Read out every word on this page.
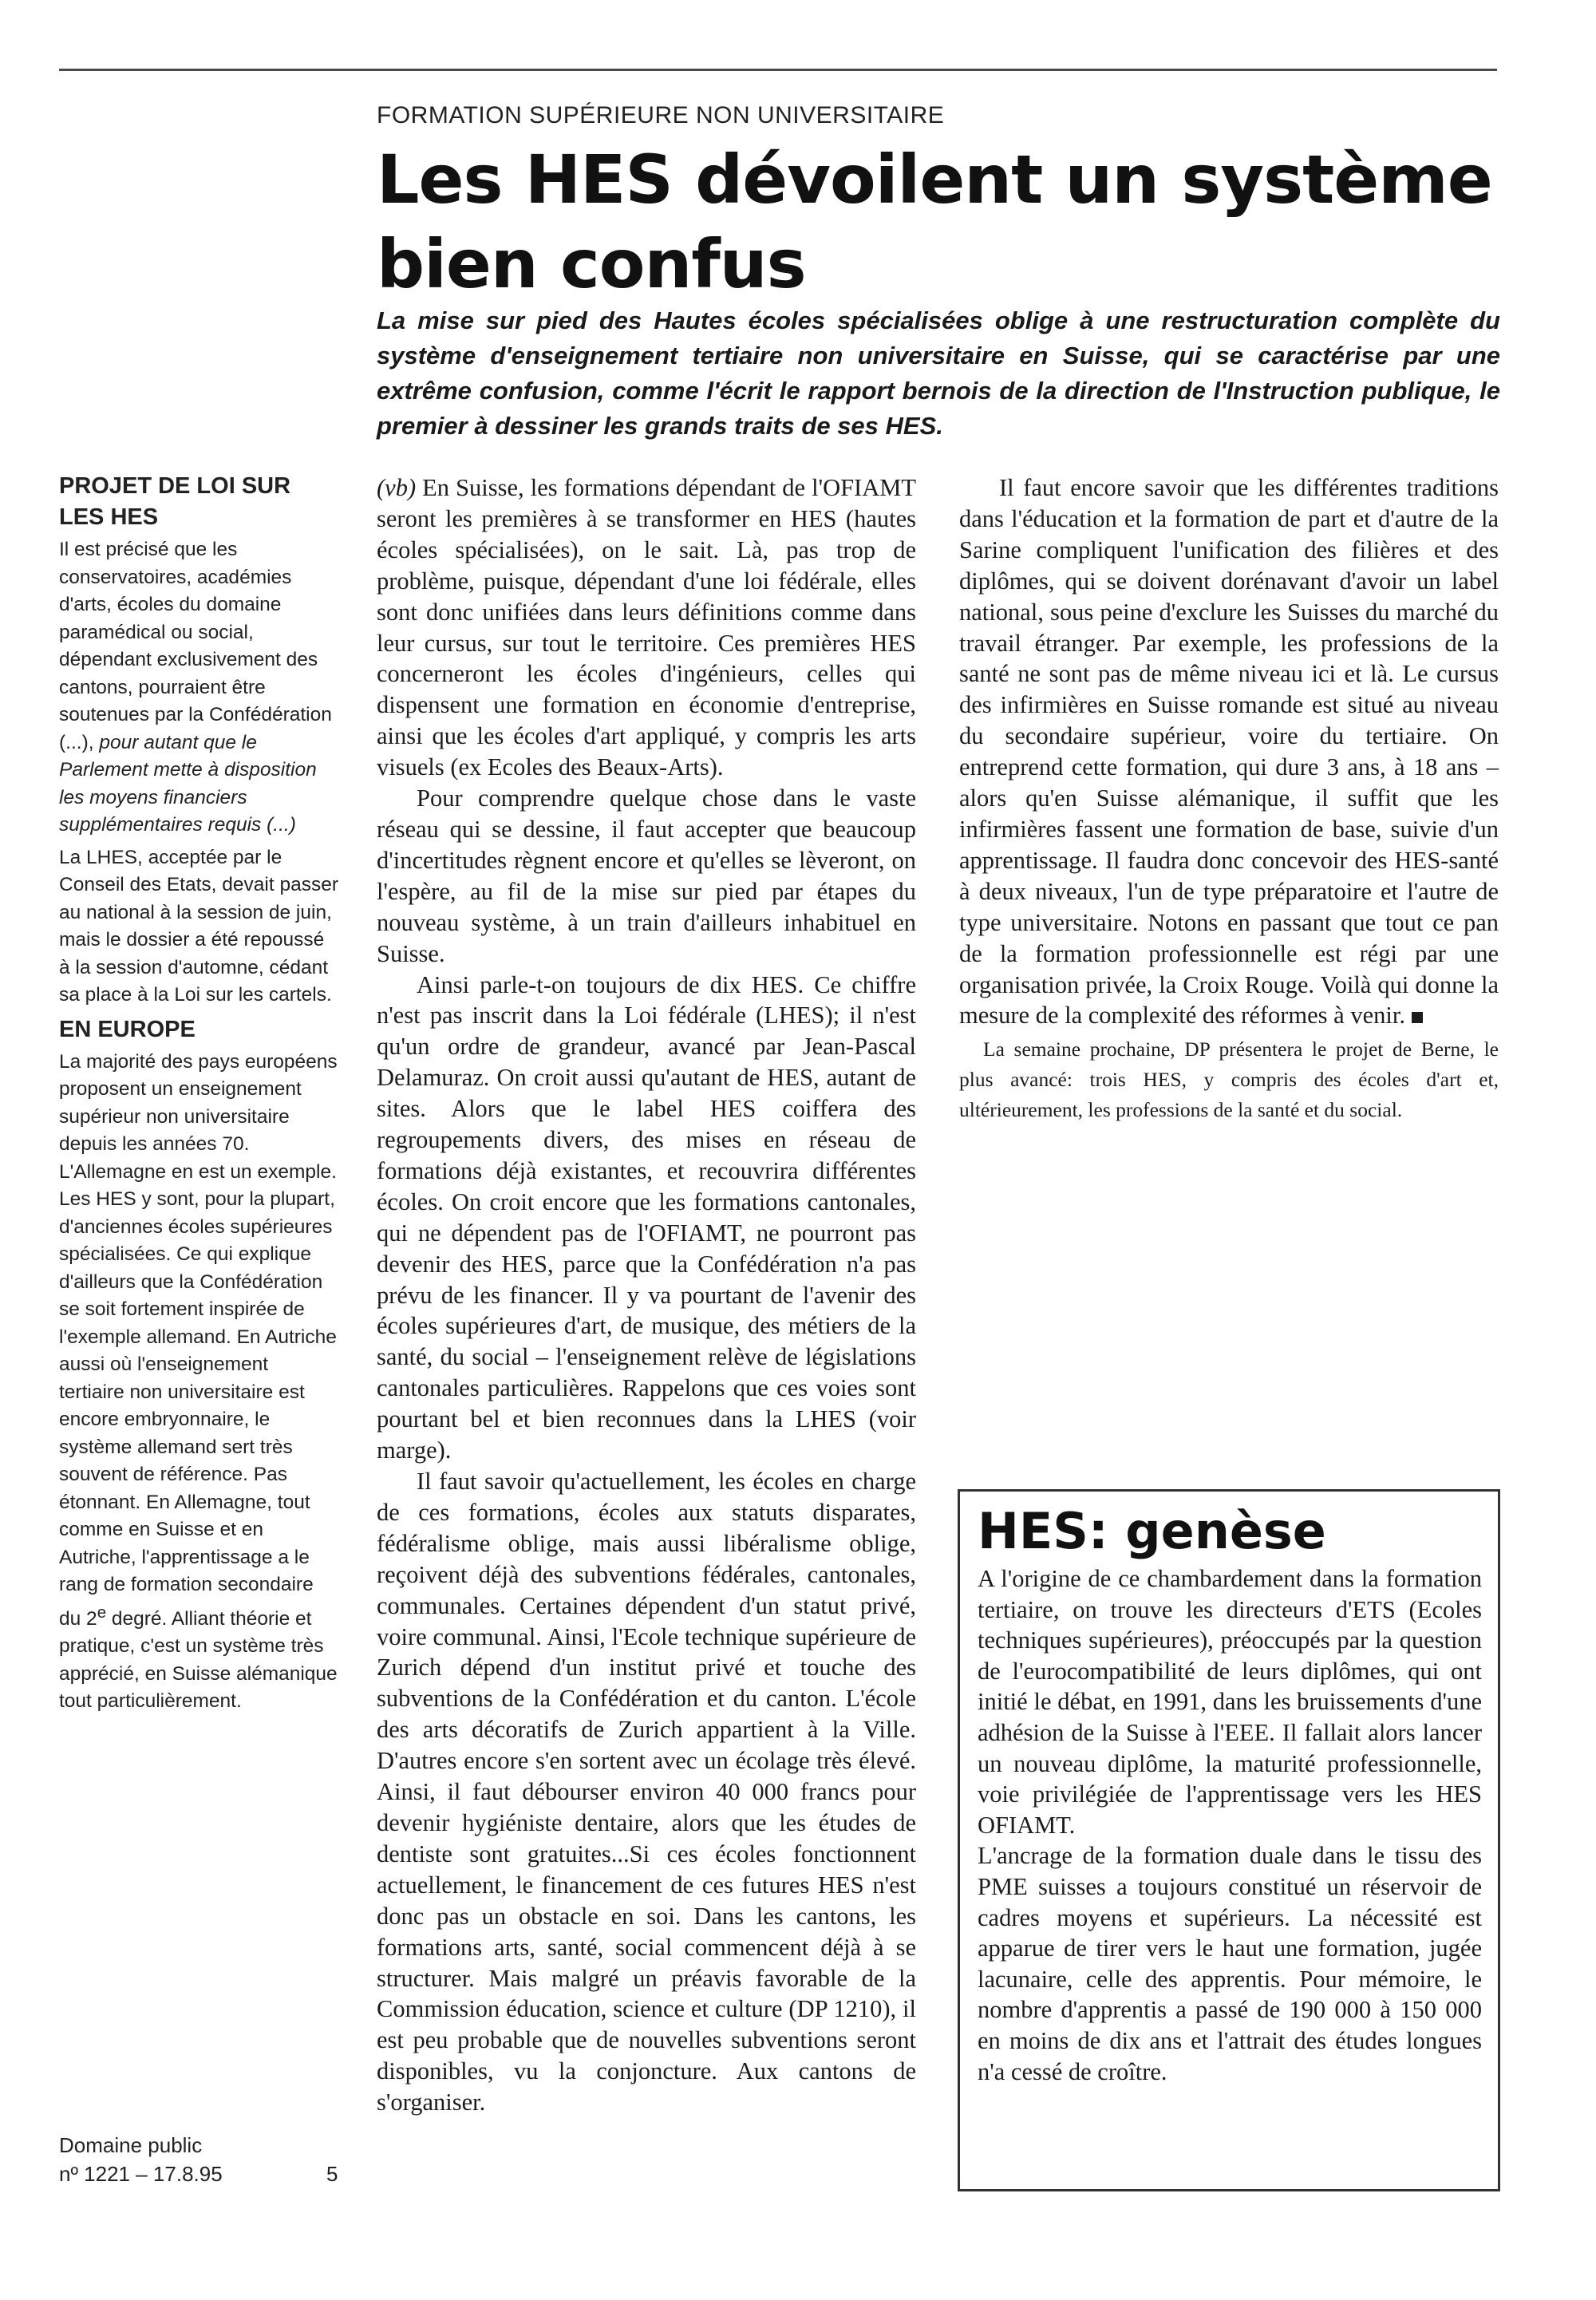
FORMATION SUPÉRIEURE NON UNIVERSITAIRE
Les HES dévoilent un système
bien confus

La mise sur pied des Hautes écoles spécialisées oblige à une restructuration complète du système d'enseignement tertiaire non universitaire en Suisse, qui se caractérise par une extrême confusion, comme l'écrit le rapport bernois de la direction de l'Instruction publique, le premier à dessiner les grands traits de ses HES.

PROJET DE LOI SUR LES HES

Il est précisé que les conservatoires, académies d'arts, écoles du domaine paramédical ou social, dépendant exclusivement des cantons, pourraient être soutenues par la Confédération (...), pour autant que le Parlement mette à disposition les moyens financiers supplémentaires requis (...)

La LHES, acceptée par le Conseil des Etats, devait passer au national à la session de juin, mais le dossier a été repoussé à la session d'automne, cédant sa place à la Loi sur les cartels.

EN EUROPE

La majorité des pays européens proposent un enseignement supérieur non universitaire depuis les années 70. L'Allemagne en est un exemple. Les HES y sont, pour la plupart, d'anciennes écoles supérieures spécialisées. Ce qui explique d'ailleurs que la Confédération se soit fortement inspirée de l'exemple allemand. En Autriche aussi où l'enseignement tertiaire non universitaire est encore embryonnaire, le système allemand sert très souvent de référence. Pas étonnant. En Allemagne, tout comme en Suisse et en Autriche, l'apprentissage a le rang de formation secondaire du 2e degré. Alliant théorie et pratique, c'est un système très apprécié, en Suisse alémanique tout particulièrement.

Domaine public
nº 1221 – 17.8.95	5

(vb) En Suisse, les formations dépendant de l'OFIAMT seront les premières à se transformer en HES (hautes écoles spécialisées), on le sait. Là, pas trop de problème, puisque, dépendant d'une loi fédérale, elles sont donc unifiées dans leurs définitions comme dans leur cursus, sur tout le territoire. Ces premières HES concerneront les écoles d'ingénieurs, celles qui dispensent une formation en économie d'entreprise, ainsi que les écoles d'art appliqué, y compris les arts visuels (ex Ecoles des Beaux-Arts).

Pour comprendre quelque chose dans le vaste réseau qui se dessine, il faut accepter que beaucoup d'incertitudes règnent encore et qu'elles se lèveront, on l'espère, au fil de la mise sur pied par étapes du nouveau système, à un train d'ailleurs inhabituel en Suisse.

Ainsi parle-t-on toujours de dix HES. Ce chiffre n'est pas inscrit dans la Loi fédérale (LHES); il n'est qu'un ordre de grandeur, avancé par Jean-Pascal Delamuraz. On croit aussi qu'autant de HES, autant de sites. Alors que le label HES coiffera des regroupements divers, des mises en réseau de formations déjà existantes, et recouvrira différentes écoles. On croit encore que les formations cantonales, qui ne dépendent pas de l'OFIAMT, ne pourront pas devenir des HES, parce que la Confédération n'a pas prévu de les financer. Il y va pourtant de l'avenir des écoles supérieures d'art, de musique, des métiers de la santé, du social – l'enseignement relève de législations cantonales particulières. Rappelons que ces voies sont pourtant bel et bien reconnues dans la LHES (voir marge).

Il faut savoir qu'actuellement, les écoles en charge de ces formations, écoles aux statuts disparates, fédéralisme oblige, mais aussi libéralisme oblige, reçoivent déjà des subventions fédérales, cantonales, communales. Certaines dépendent d'un statut privé, voire communal. Ainsi, l'Ecole technique supérieure de Zurich dépend d'un institut privé et touche des subventions de la Confédération et du canton. L'école des arts décoratifs de Zurich appartient à la Ville. D'autres encore s'en sortent avec un écolage très élevé. Ainsi, il faut débourser environ 40 000 francs pour devenir hygiéniste dentaire, alors que les études de dentiste sont gratuites...Si ces écoles fonctionnent actuellement, le financement de ces futures HES n'est donc pas un obstacle en soi. Dans les cantons, les formations arts, santé, social commencent déjà à se structurer. Mais malgré un préavis favorable de la Commission éducation, science et culture (DP 1210), il est peu probable que de nouvelles subventions seront disponibles, vu la conjoncture. Aux cantons de s'organiser.

Il faut encore savoir que les différentes traditions dans l'éducation et la formation de part et d'autre de la Sarine compliquent l'unification des filières et des diplômes, qui se doivent dorénavant d'avoir un label national, sous peine d'exclure les Suisses du marché du travail étranger. Par exemple, les professions de la santé ne sont pas de même niveau ici et là. Le cursus des infirmières en Suisse romande est situé au niveau du secondaire supérieur, voire du tertiaire. On entreprend cette formation, qui dure 3 ans, à 18 ans – alors qu'en Suisse alémanique, il suffit que les infirmières fassent une formation de base, suivie d'un apprentissage. Il faudra donc concevoir des HES-santé à deux niveaux, l'un de type préparatoire et l'autre de type universitaire. Notons en passant que tout ce pan de la formation professionnelle est régi par une organisation privée, la Croix Rouge. Voilà qui donne la mesure de la complexité des réformes à venir.

La semaine prochaine, DP présentera le projet de Berne, le plus avancé: trois HES, y compris des écoles d'art et, ultérieurement, les professions de la santé et du social.

HES: genèse

A l'origine de ce chambardement dans la formation tertiaire, on trouve les directeurs d'ETS (Ecoles techniques supérieures), préoccupés par la question de l'eurocompatibilité de leurs diplômes, qui ont initié le débat, en 1991, dans les bruissements d'une adhésion de la Suisse à l'EEE. Il fallait alors lancer un nouveau diplôme, la maturité professionnelle, voie privilégiée de l'apprentissage vers les HES OFIAMT.

L'ancrage de la formation duale dans le tissu des PME suisses a toujours constitué un réservoir de cadres moyens et supérieurs. La nécessité est apparue de tirer vers le haut une formation, jugée lacunaire, celle des apprentis. Pour mémoire, le nombre d'apprentis a passé de 190 000 à 150 000 en moins de dix ans et l'attrait des études longues n'a cessé de croître.
